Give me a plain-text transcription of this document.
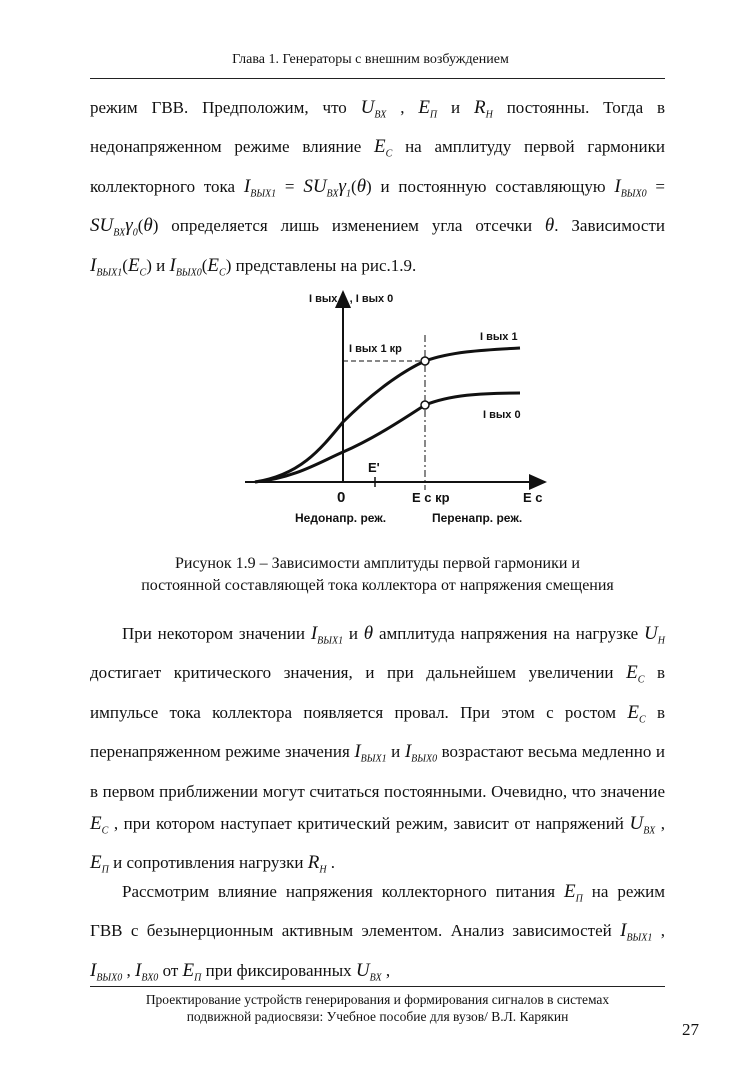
Глава 1. Генераторы с внешним возбуждением
режим ГВВ. Предположим, что $U_{ВХ}$ , $E_П$ и $R_Н$ постоянны. Тогда в недонапряженном режиме влияние $E_С$ на амплитуду первой гармоники коллекторного тока $I_{ВЫХ1} = SU_{ВХ}\gamma_1(\theta)$ и постоянную составляющую $I_{ВЫХ0} = SU_{ВХ}\gamma_0(\theta)$ определяется лишь изменением угла отсечки θ. Зависимости $I_{ВЫХ1}(E_С)$ и $I_{ВЫХ0}(E_С)$ представлены на рис.1.9.
I вых 1 , I вых 0
I вых 1 кр
I вых 1
I вых 0
E'
0	E с кр	E с
Недонапр. реж.	Перенапр. реж.
Рисунок 1.9 – Зависимости амплитуды первой гармоники и
постоянной составляющей тока коллектора от напряжения смещения
При некотором значении $I_{ВЫХ1}$ и θ амплитуда напряжения на нагрузке $U_Н$ достигает критического значения, и при дальнейшем увеличении $E_С$ в импульсе тока коллектора появляется провал. При этом с ростом $E_С$ в перенапряженном режиме значения $I_{ВЫХ1}$ и $I_{ВЫХ0}$ возрастают весьма медленно и в первом приближении могут считаться постоянными. Очевидно, что значение $E_С$ , при котором наступает критический режим, зависит от напряжений $U_{ВХ}$ , $E_П$ и сопротивления нагрузки $R_Н$ .
Рассмотрим влияние напряжения коллекторного питания $E_П$ на режим ГВВ с безынерционным активным элементом. Анализ зависимостей $I_{ВЫХ1}$ , $I_{ВЫХ0}$ , $I_{ВХ0}$ от $E_П$ при фиксированных $U_{ВХ}$ ,
Проектирование устройств генерирования и формирования сигналов в системах
подвижной радиосвязи: Учебное пособие для вузов/ В.Л. Карякин
27
